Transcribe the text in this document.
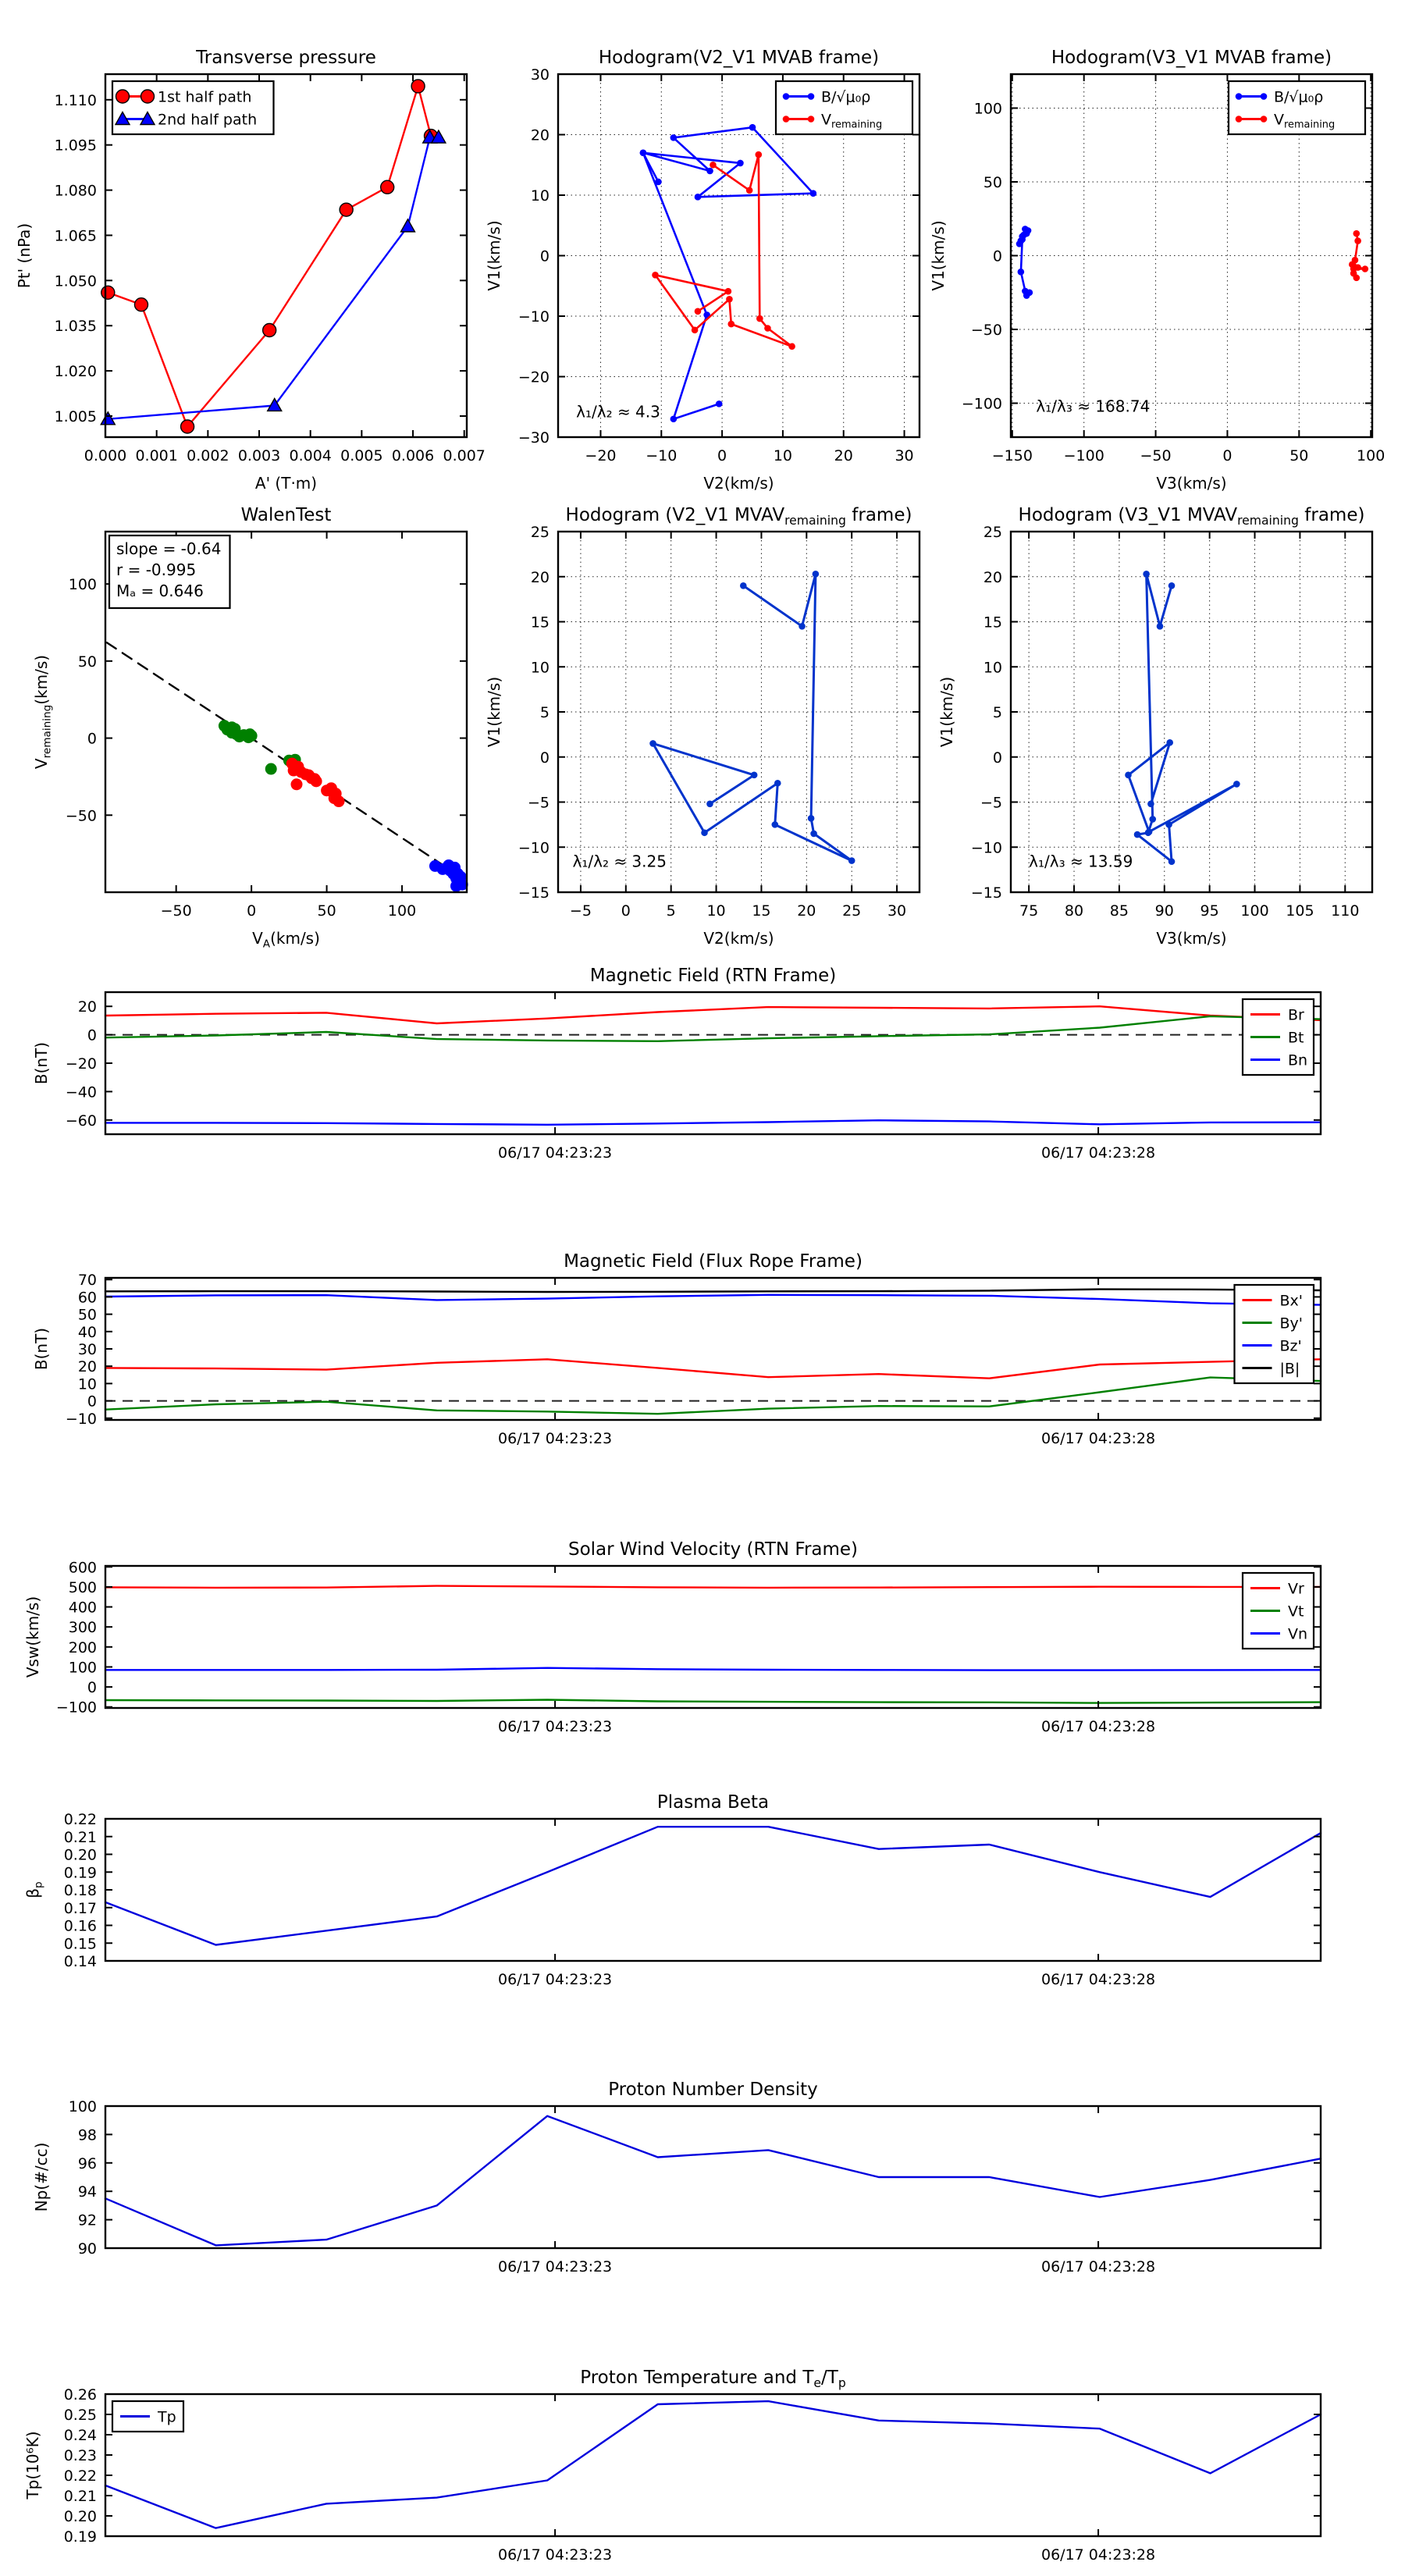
0.000 0.001 0.002 0.003 0.004 0.005 0.006 0.007
1.005
1.020
1.035
1.050
1.065
1.080
1.095
1.110
Transverse pressure
A' (T·m)
Pt' (nPa)
1st half path
2nd half path
−20 −10	0	10	20	30
−30
−20
−10
0
10
20
30
Hodogram(V2_V1 MVAB frame)
V2(km/s)
V1(km/s)
λ₁/λ₂ ≈ 4.3
B/√μ₀ρ
$V_{remaining}$
−150 −100 −50	0	50	100
−100
−50
0
50
100
Hodogram(V3_V1 MVAB frame)
V3(km/s)
V1(km/s)
λ₁/λ₃ ≈ 168.74
B/√μ₀ρ
$V_{remaining}$
−50	0	50	100
−50
0
50
100
WalenTest
$V_A(km/s)$
$V_{remaining}(km/s)$
slope = -0.64
r = -0.995
Mₐ = 0.646
−5 0 5 10 15 20 25 30
−15
−10
−5
0
5
10
15
20
25
Hodogram (V2_V1 $MVAV_{remaining}$ frame)
V2(km/s)
V1(km/s)
λ₁/λ₂ ≈ 3.25
75 80 85 90 95 100 105 110
−15
−10
−5
0
5
10
15
20
25
Hodogram (V3_V1 $MVAV_{remaining}$ frame)
V3(km/s)
V1(km/s)
λ₁/λ₃ ≈ 13.59
06/17 04:23:23	06/17 04:23:28
−60
−40
−20
0
20
Magnetic Field (RTN Frame)
B(nT)
Br
Bt
Bn
06/17 04:23:23	06/17 04:23:28
−10
0
10
20
30
40
50
60
70
Magnetic Field (Flux Rope Frame)
B(nT)
Bx'
By'
Bz'
|B|
06/17 04:23:23	06/17 04:23:28
−100
0
100
200
300
400
500
600
Solar Wind Velocity (RTN Frame)
Vsw(km/s)
Vr
Vt
Vn
06/17 04:23:23	06/17 04:23:28
0.14
0.15
0.16
0.17
0.18
0.19
0.20
0.21
0.22
Plasma Beta
$\beta_p$
06/17 04:23:23	06/17 04:23:28
90
92
94
96
98
100
Proton Number Density
Np(#/cc)
06/17 04:23:23	06/17 04:23:28
0.19
0.20
0.21
0.22
0.23
0.24
0.25
0.26
Proton Temperature and $T_e/T_p$
Tp(10⁶K)
Tp
